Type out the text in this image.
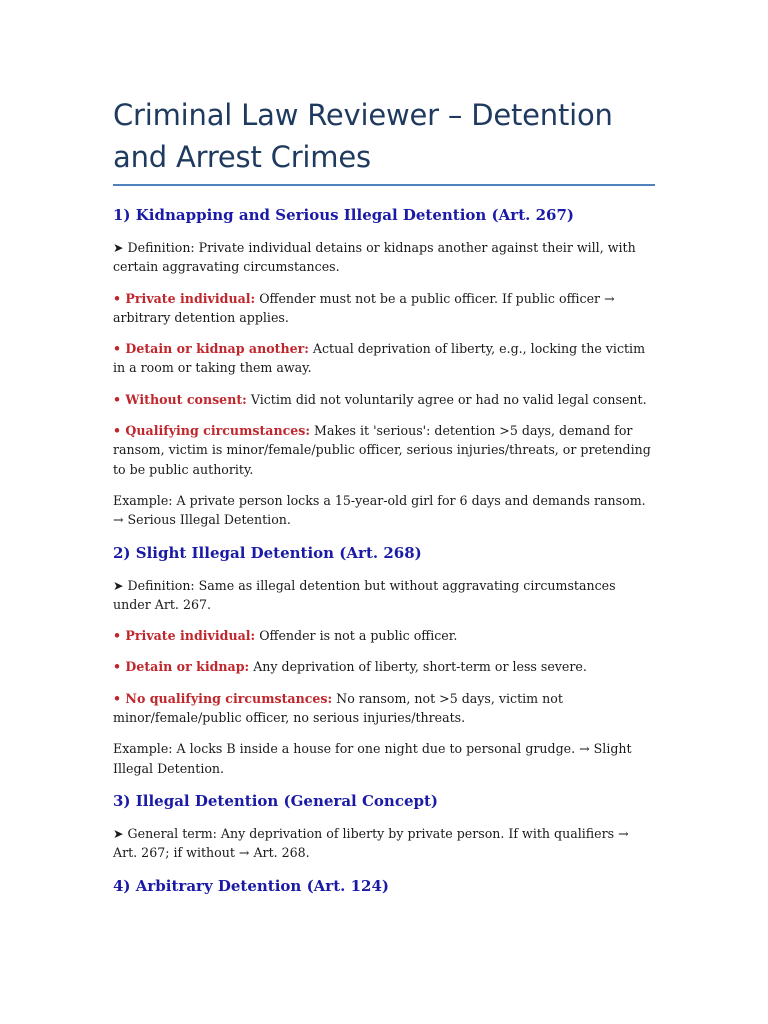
Criminal Law Reviewer – Detention and Arrest Crimes
1) Kidnapping and Serious Illegal Detention (Art. 267)

➤ Definition: Private individual detains or kidnaps another against their will, with certain aggravating circumstances.

• Private individual: Offender must not be a public officer. If public officer → arbitrary detention applies.

• Detain or kidnap another: Actual deprivation of liberty, e.g., locking the victim in a room or taking them away.

• Without consent: Victim did not voluntarily agree or had no valid legal consent.

• Qualifying circumstances: Makes it 'serious': detention >5 days, demand for ransom, victim is minor/female/public officer, serious injuries/threats, or pretending to be public authority.

Example: A private person locks a 15-year-old girl for 6 days and demands ransom. → Serious Illegal Detention.

2) Slight Illegal Detention (Art. 268)

➤ Definition: Same as illegal detention but without aggravating circumstances under Art. 267.

• Private individual: Offender is not a public officer.

• Detain or kidnap: Any deprivation of liberty, short-term or less severe.

• No qualifying circumstances: No ransom, not >5 days, victim not minor/female/public officer, no serious injuries/threats.

Example: A locks B inside a house for one night due to personal grudge. → Slight Illegal Detention.

3) Illegal Detention (General Concept)

➤ General term: Any deprivation of liberty by private person. If with qualifiers → Art. 267; if without → Art. 268.

4) Arbitrary Detention (Art. 124)
